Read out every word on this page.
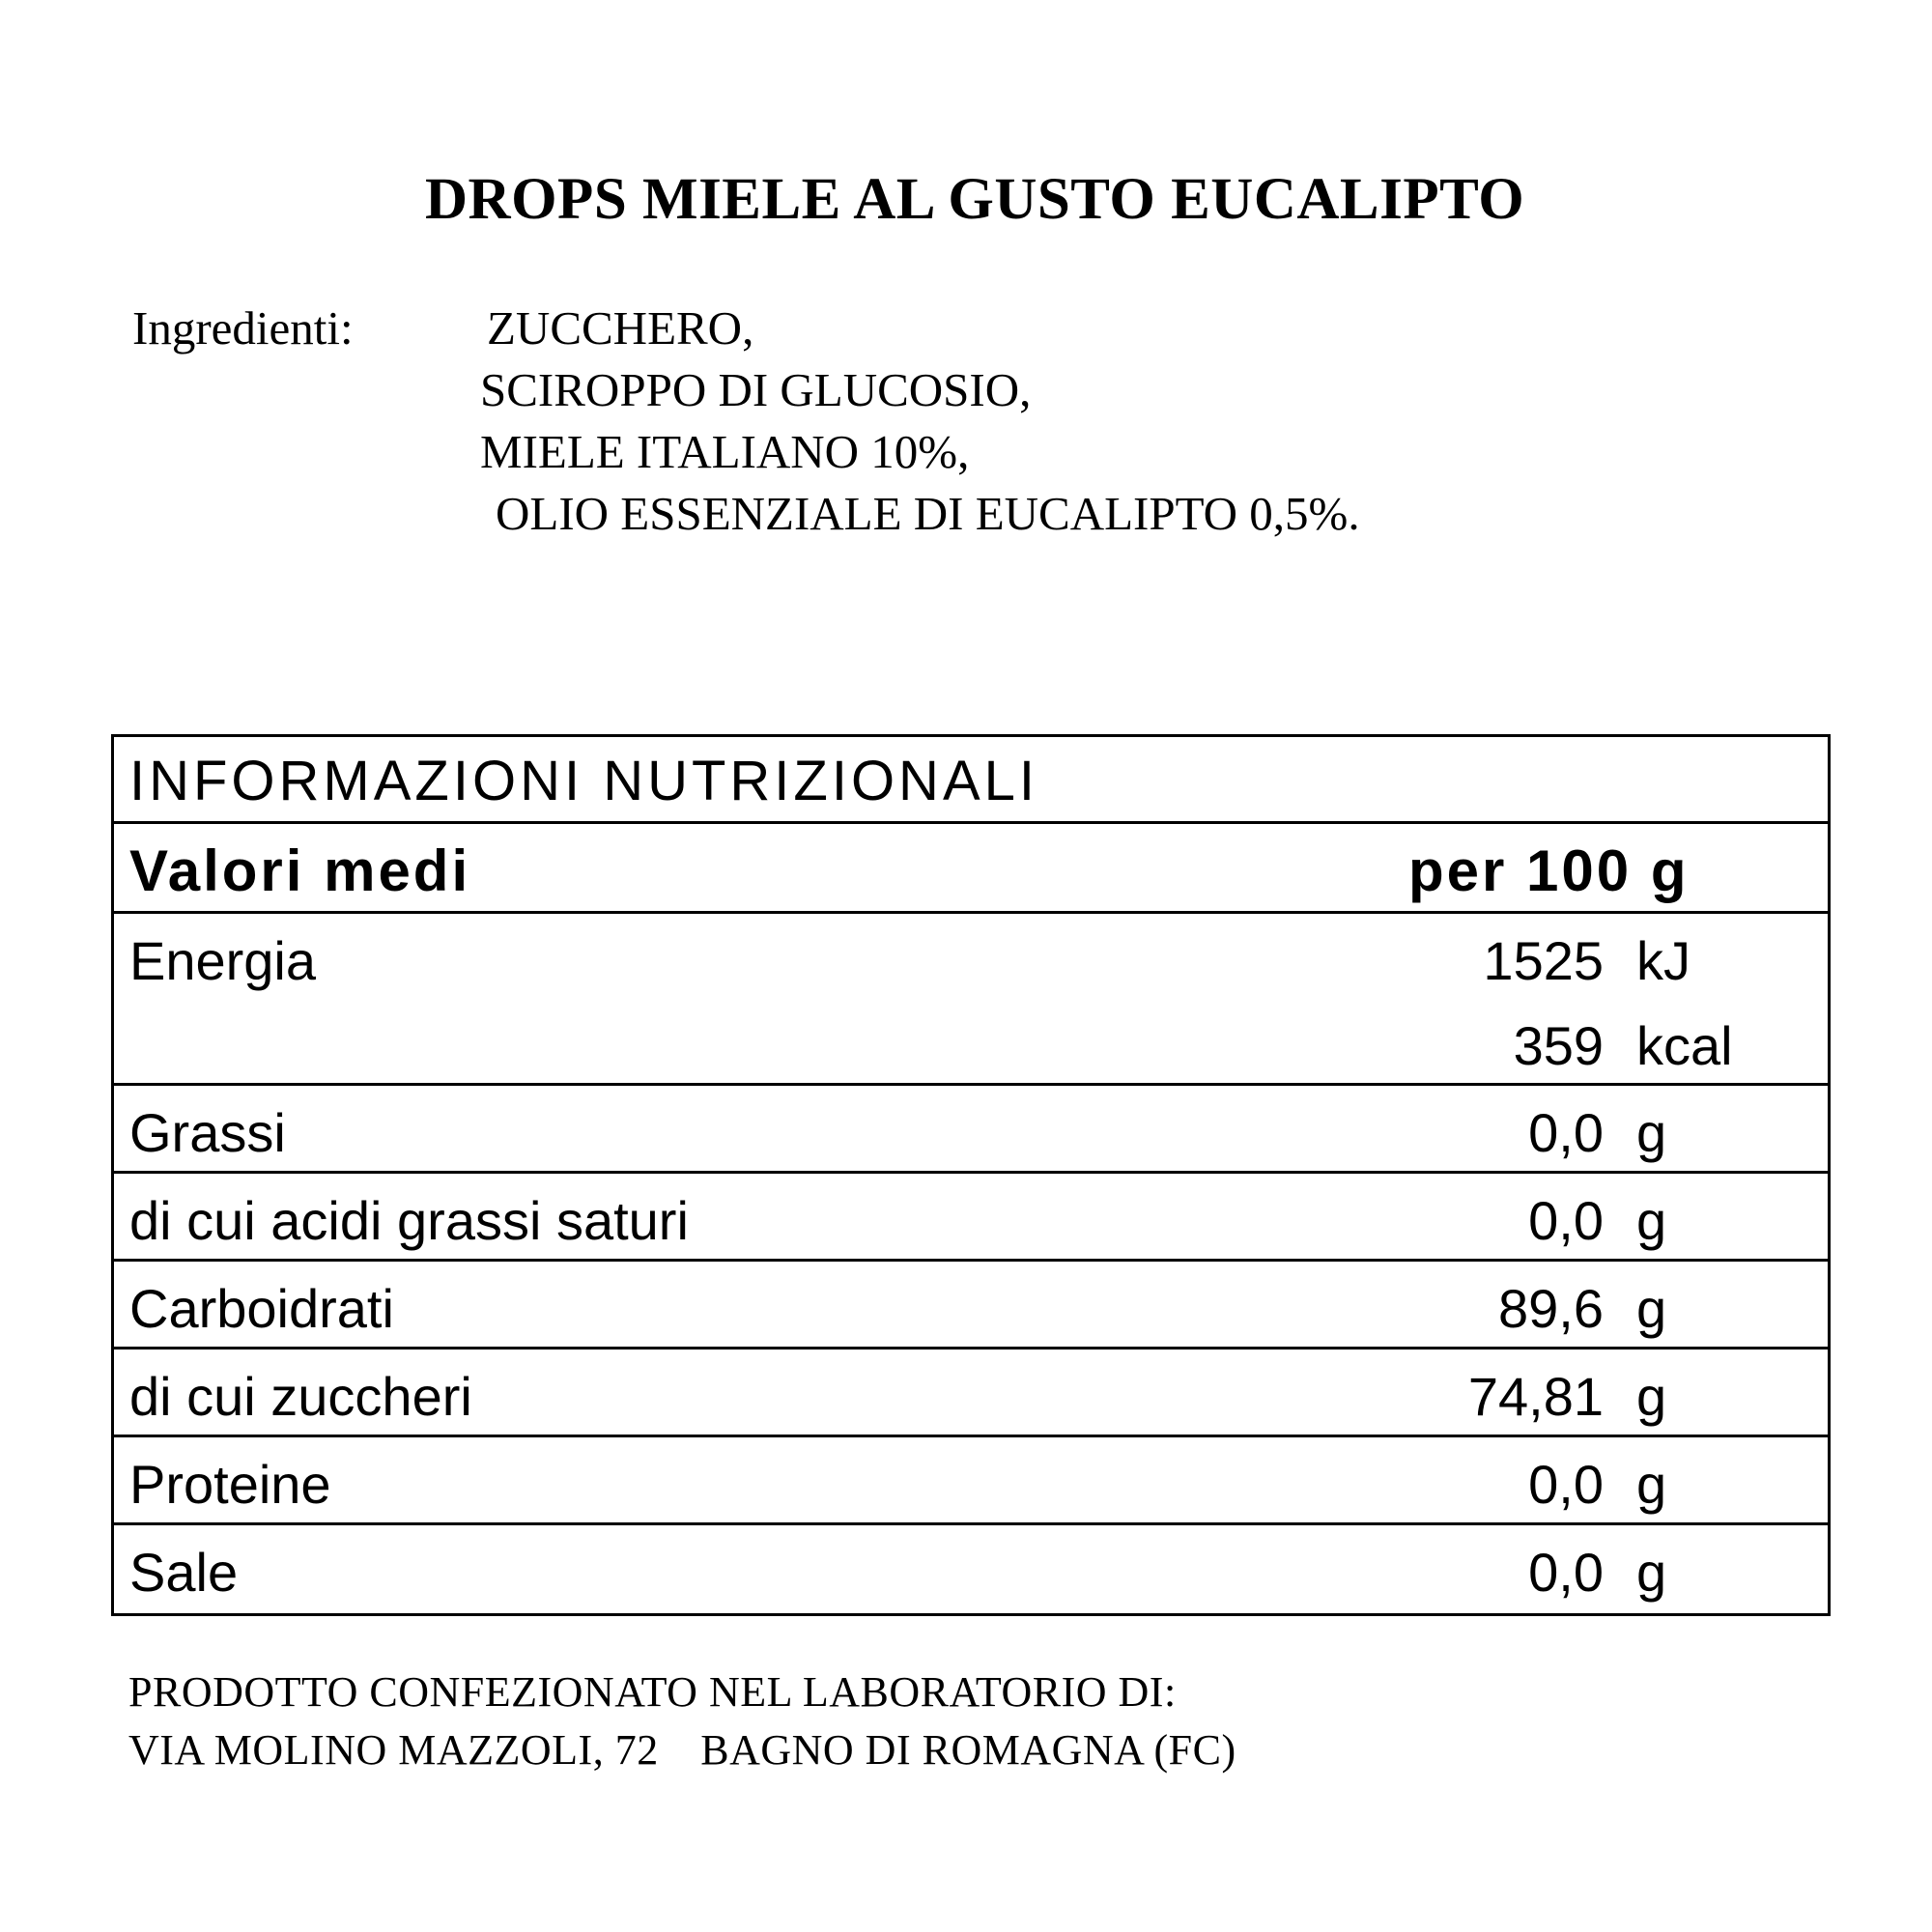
DROPS MIELE AL GUSTO EUCALIPTO
Ingredienti:	ZUCCHERO,
SCIROPPO DI GLUCOSIO,
MIELE ITALIANO 10%,
OLIO ESSENZIALE DI EUCALIPTO 0,5%.
INFORMAZIONI NUTRIZIONALI
Valori medi	per 100 g
Energia	1525 kJ
359 kcal
Grassi	0,0 g
di cui acidi grassi saturi	0,0 g
Carboidrati	89,6 g
di cui zuccheri	74,81 g
Proteine	0,0 g
Sale	0,0 g
PRODOTTO CONFEZIONATO NEL LABORATORIO DI:
VIA MOLINO MAZZOLI, 72 BAGNO DI ROMAGNA (FC)
